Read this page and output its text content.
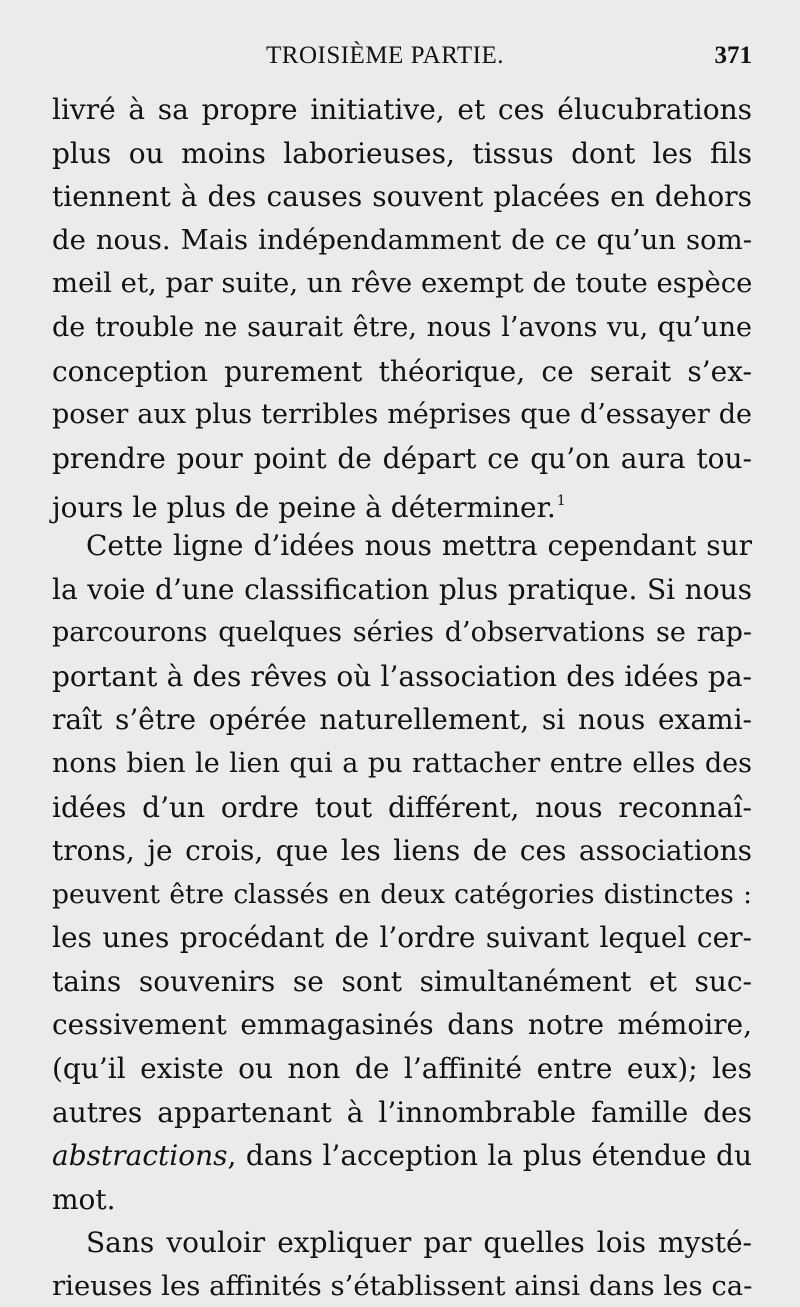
TROISIÈME PARTIE.	371
livré à sa propre initiative, et ces élucubrations
plus ou moins laborieuses, tissus dont les fils
tiennent à des causes souvent placées en dehors
de nous. Mais indépendamment de ce qu’un som-
meil et, par suite, un rêve exempt de toute espèce
de trouble ne saurait être, nous l’avons vu, qu’une
conception purement théorique, ce serait s’ex-
poser aux plus terribles méprises que d’essayer de
prendre pour point de départ ce qu’on aura tou-
jours le plus de peine à déterminer.$^1$
Cette ligne d’idées nous mettra cependant sur
la voie d’une classification plus pratique. Si nous
parcourons quelques séries d’observations se rap-
portant à des rêves où l’association des idées pa-
raît s’être opérée naturellement, si nous exami-
nons bien le lien qui a pu rattacher entre elles des
idées d’un ordre tout différent, nous reconnaî-
trons, je crois, que les liens de ces associations
peuvent être classés en deux catégories distinctes :
les unes procédant de l’ordre suivant lequel cer-
tains souvenirs se sont simultanément et suc-
cessivement emmagasinés dans notre mémoire,
(qu’il existe ou non de l’affinité entre eux); les
autres appartenant à l’innombrable famille des
abstractions, dans l’acception la plus étendue du
mot.
Sans vouloir expliquer par quelles lois mysté-
rieuses les affinités s’établissent ainsi dans les ca-
